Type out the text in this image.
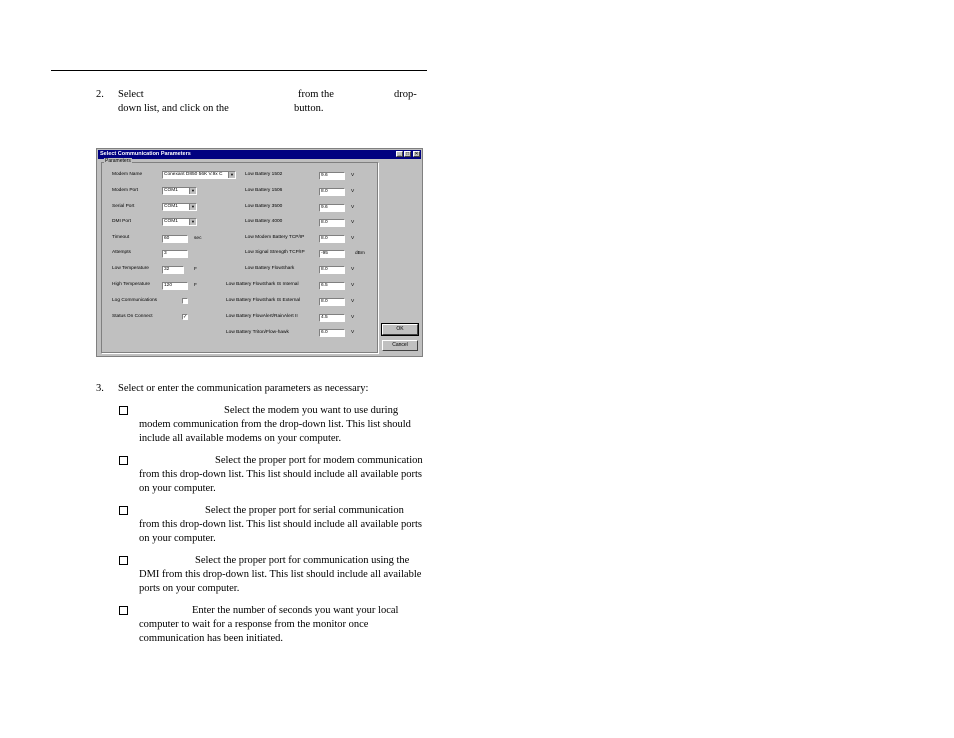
2. Select	from the	drop-
down list, and click on the	button.
Select Communication Parameters	_	□	✕
Parameters
Modem Name	Conexant D850 56K V.9x C	▼
Modem Port	COM1	▼
Serial Port	COM1	▼
DMI Port	COM1	▼
Timeout	60	sec
Attempts	3
Low Temperature	32	F
High Temperature	120	F
Log Communications
Status On Connect	✓
Low Battery 1502	9.6	V
Low Battery 1506	8.0	V
Low Battery 3500	9.6	V
Low Battery 4000	8.0	V
Low Modem Battery TCP/IP	8.0	V
Low Signal Strength TCP/IP	-95	dBm
Low Battery FlowShark	8.0	V
Low Battery FlowShark IS Internal	6.5	V
Low Battery FlowShark IS External	8.0	V
Low Battery FlowAlert/RainAlert II	4.5	V
Low Battery Triton/Flow-hawk	6.0	V
OK
Cancel
3. Select or enter the communication parameters as necessary:
Select the modem you want to use during modem communication from the drop-down list. This list should include all available modems on your computer.
Select the proper port for modem communication from this drop-down list. This list should include all available ports on your computer.
Select the proper port for serial communication from this drop-down list. This list should include all available ports on your computer.
Select the proper port for communication using the DMI from this drop-down list. This list should include all available ports on your computer.
Enter the number of seconds you want your local computer to wait for a response from the monitor once communication has been initiated.
